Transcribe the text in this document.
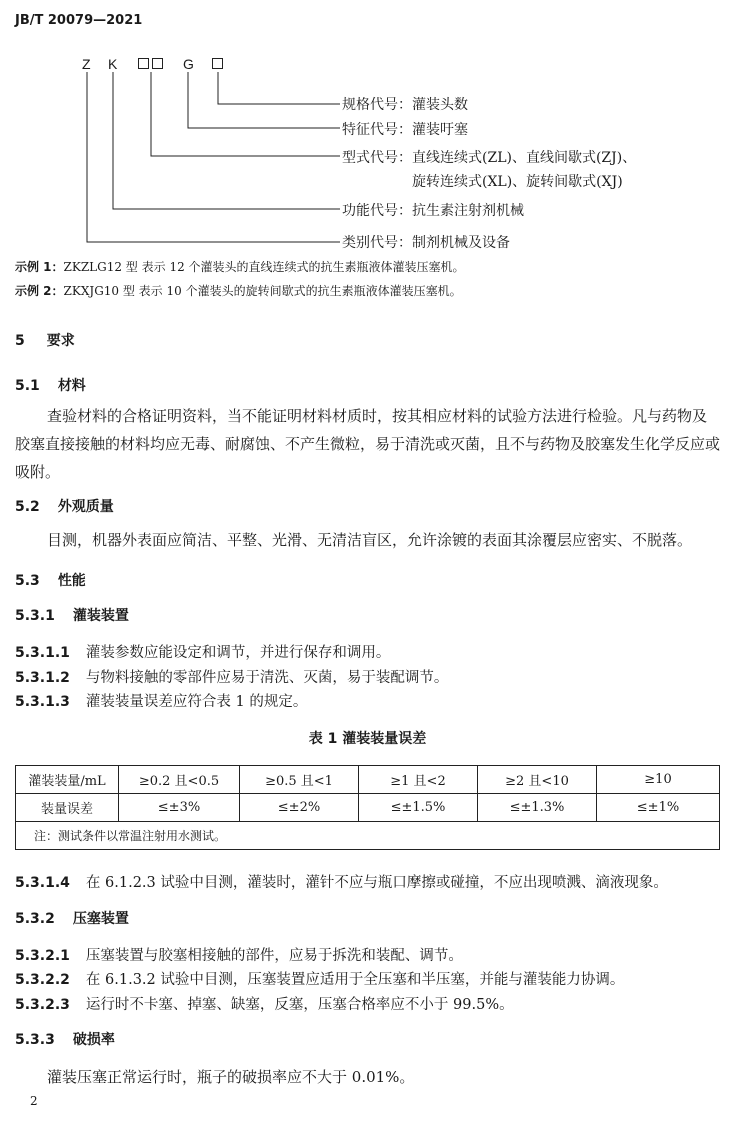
JB/T 20079—2021
Z K	G
规格代号：灌装头数
特征代号：灌装吁塞
型式代号：直线连续式(ZL)、直线间歇式(ZJ)、
旋转连续式(XL)、旋转间歇式(XJ)
功能代号：抗生素注射剂机械
类别代号：制剂机械及设备
示例 1：ZKZLG12 型 表示 12 个灌装头的直线连续式的抗生素瓶液体灌装压塞机。
示例 2：ZKXJG10 型 表示 10 个灌装头的旋转间歇式的抗生素瓶液体灌装压塞机。
5 要求
5.1 材料
查验材料的合格证明资料，当不能证明材料材质时，按其相应材料的试验方法进行检验。凡与药物及胶塞直接接触的材料均应无毒、耐腐蚀、不产生微粒，易于清洗或灭菌，且不与药物及胶塞发生化学反应或吸附。
5.2 外观质量
目测，机器外表面应简洁、平整、光滑、无清洁盲区，允许涂镀的表面其涂覆层应密实、不脱落。
5.3 性能
5.3.1 灌装装置
5.3.1.1 灌装参数应能设定和调节，并进行保存和调用。
5.3.1.2 与物料接触的零部件应易于清洗、灭菌，易于装配调节。
5.3.1.3 灌装装量误差应符合表 1 的规定。
表 1 灌装装量误差
灌装装量/mL	≥0.2 且<0.5	≥0.5 且<1	≥1 且<2	≥2 且<10	≥10
装量误差	≤±3%	≤±2%	≤±1.5%	≤±1.3%	≤±1%
注：测试条件以常温注射用水测试。					
5.3.1.4 在 6.1.2.3 试验中目测，灌装时，灌针不应与瓶口摩擦或碰撞，不应出现喷溅、滴液现象。
5.3.2 压塞装置
5.3.2.1 压塞装置与胶塞相接触的部件，应易于拆洗和装配、调节。
5.3.2.2 在 6.1.3.2 试验中目测，压塞装置应适用于全压塞和半压塞，并能与灌装能力协调。
5.3.2.3 运行时不卡塞、掉塞、缺塞，反塞，压塞合格率应不小于 99.5%。
5.3.3 破损率
灌装压塞正常运行时，瓶子的破损率应不大于 0.01%。
2
